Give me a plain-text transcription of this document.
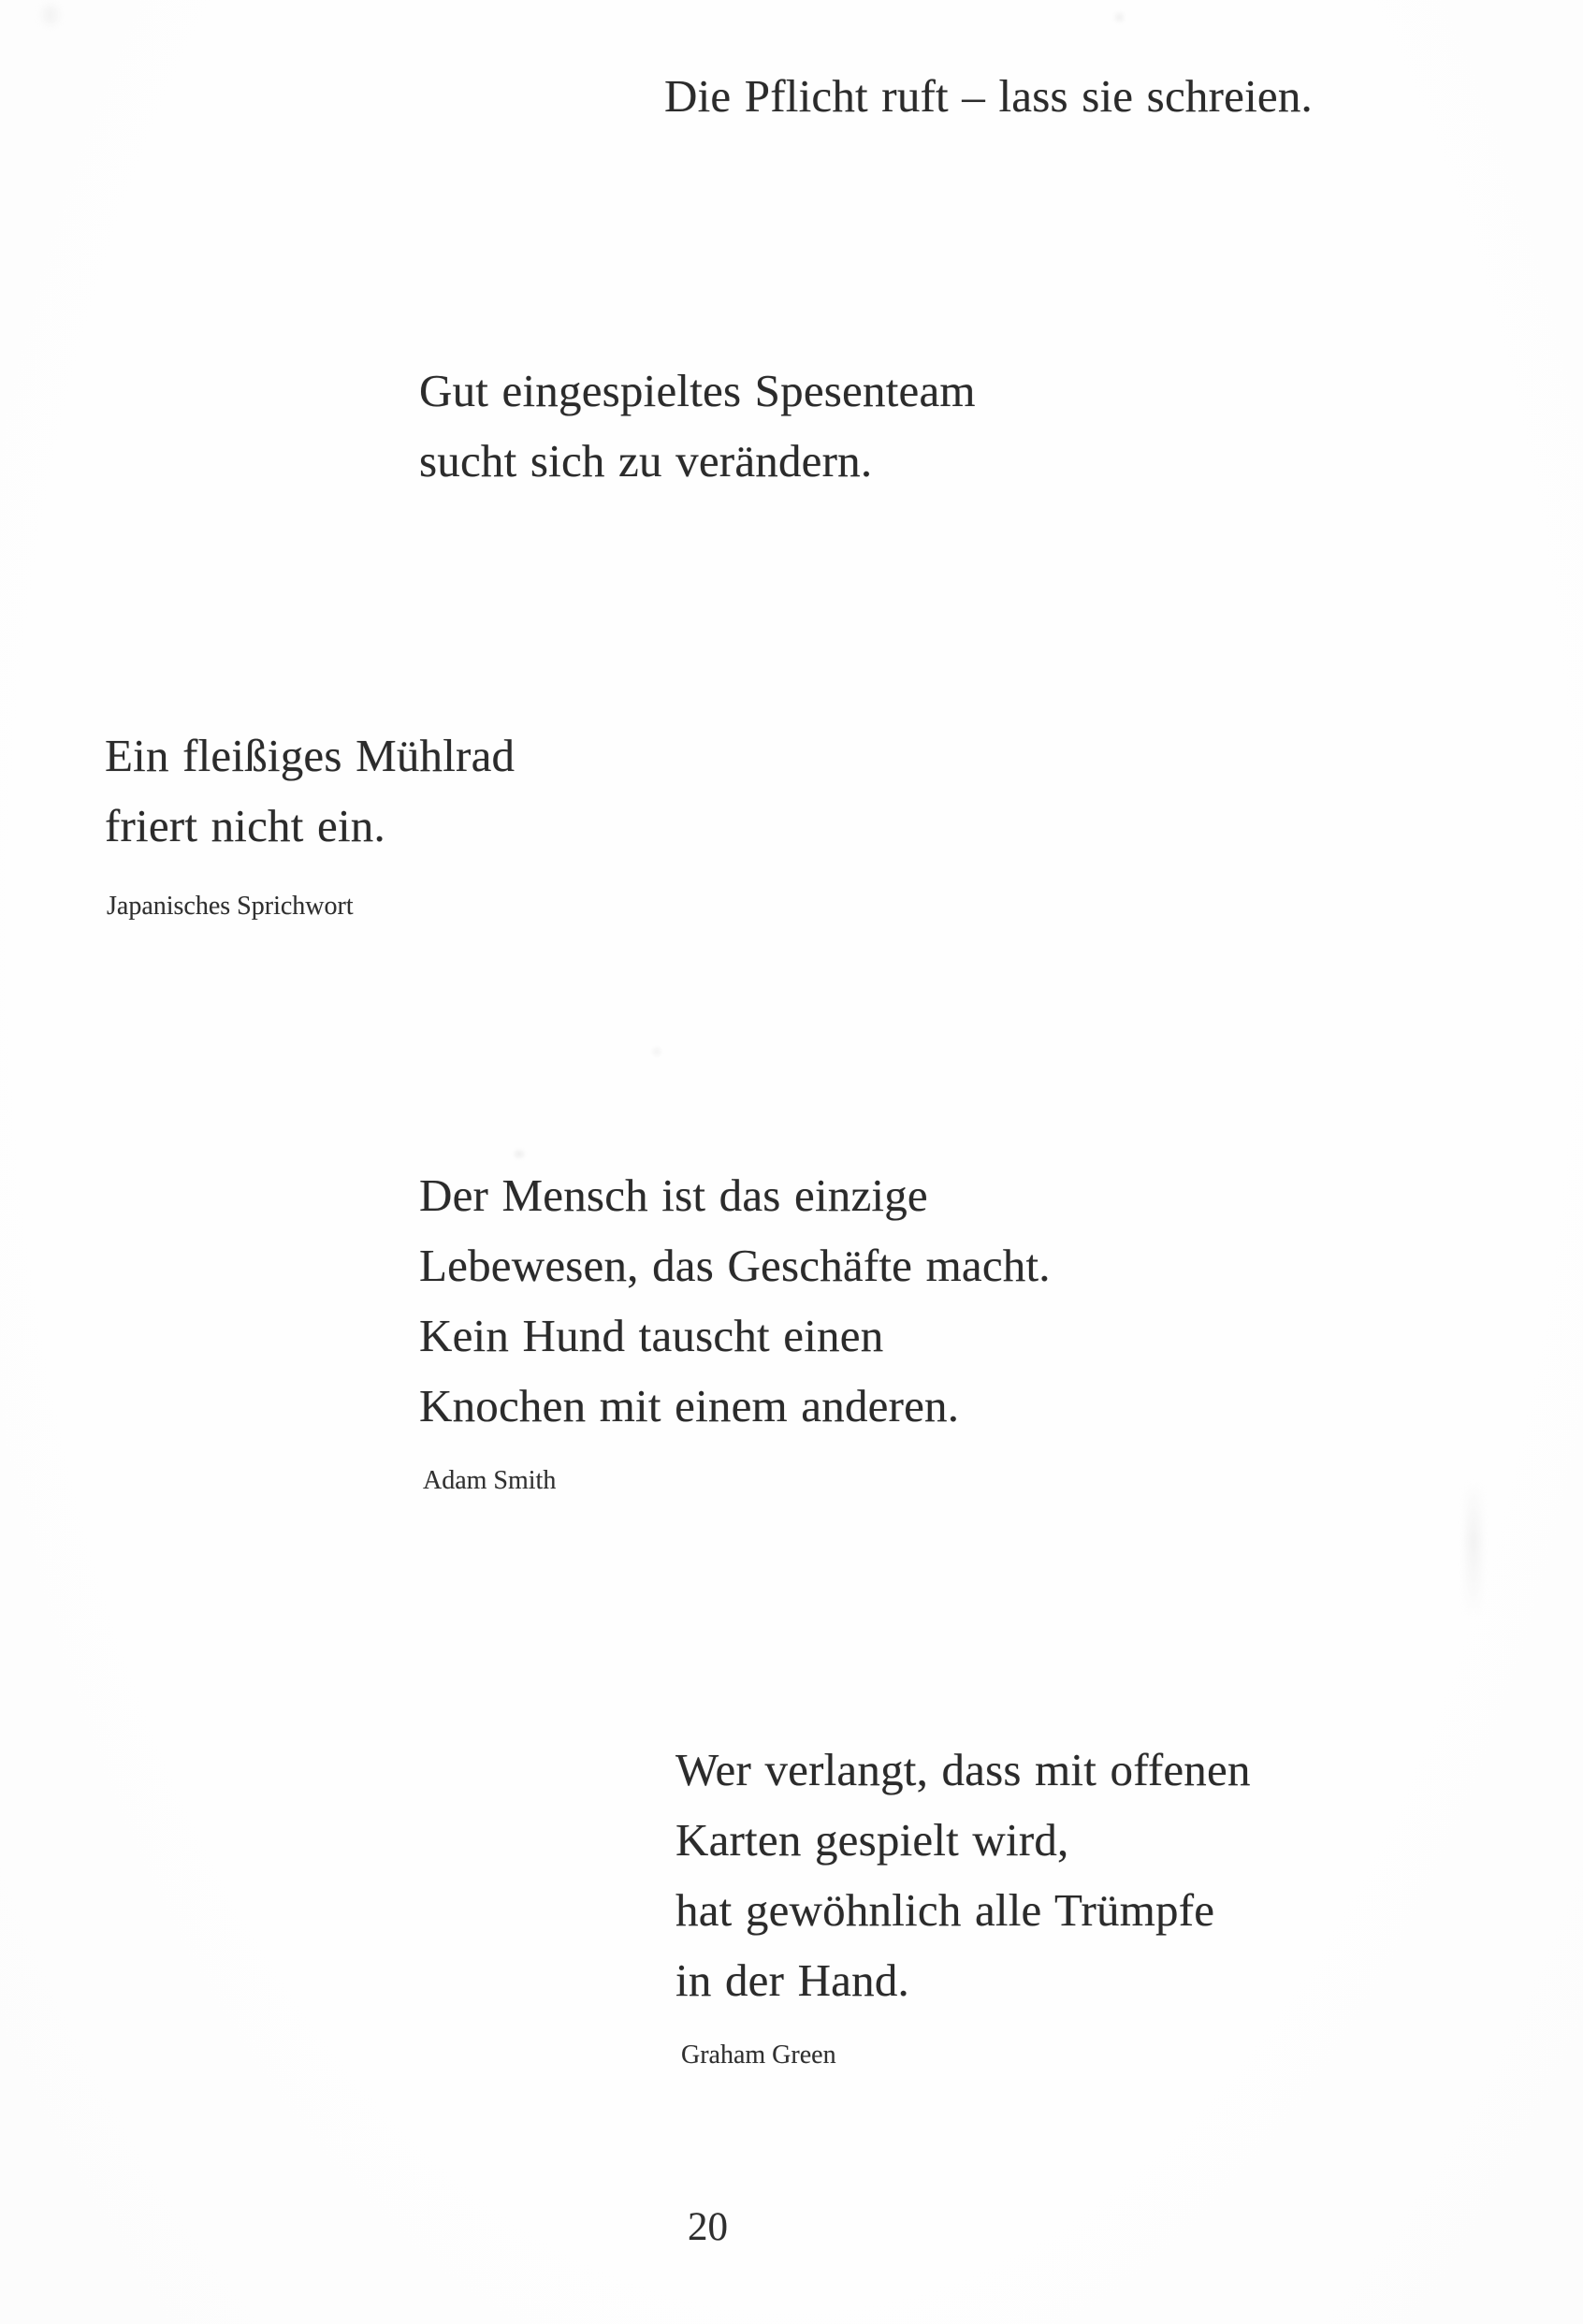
Die Pflicht ruft – lass sie schreien.
Gut eingespieltes Spesenteam
sucht sich zu verändern.
Ein fleißiges Mühlrad
friert nicht ein.
Japanisches Sprichwort
Der Mensch ist das einzige
Lebewesen, das Geschäfte macht.
Kein Hund tauscht einen
Knochen mit einem anderen.
Adam Smith
Wer verlangt, dass mit offenen
Karten gespielt wird,
hat gewöhnlich alle Trümpfe
in der Hand.
Graham Green
20
